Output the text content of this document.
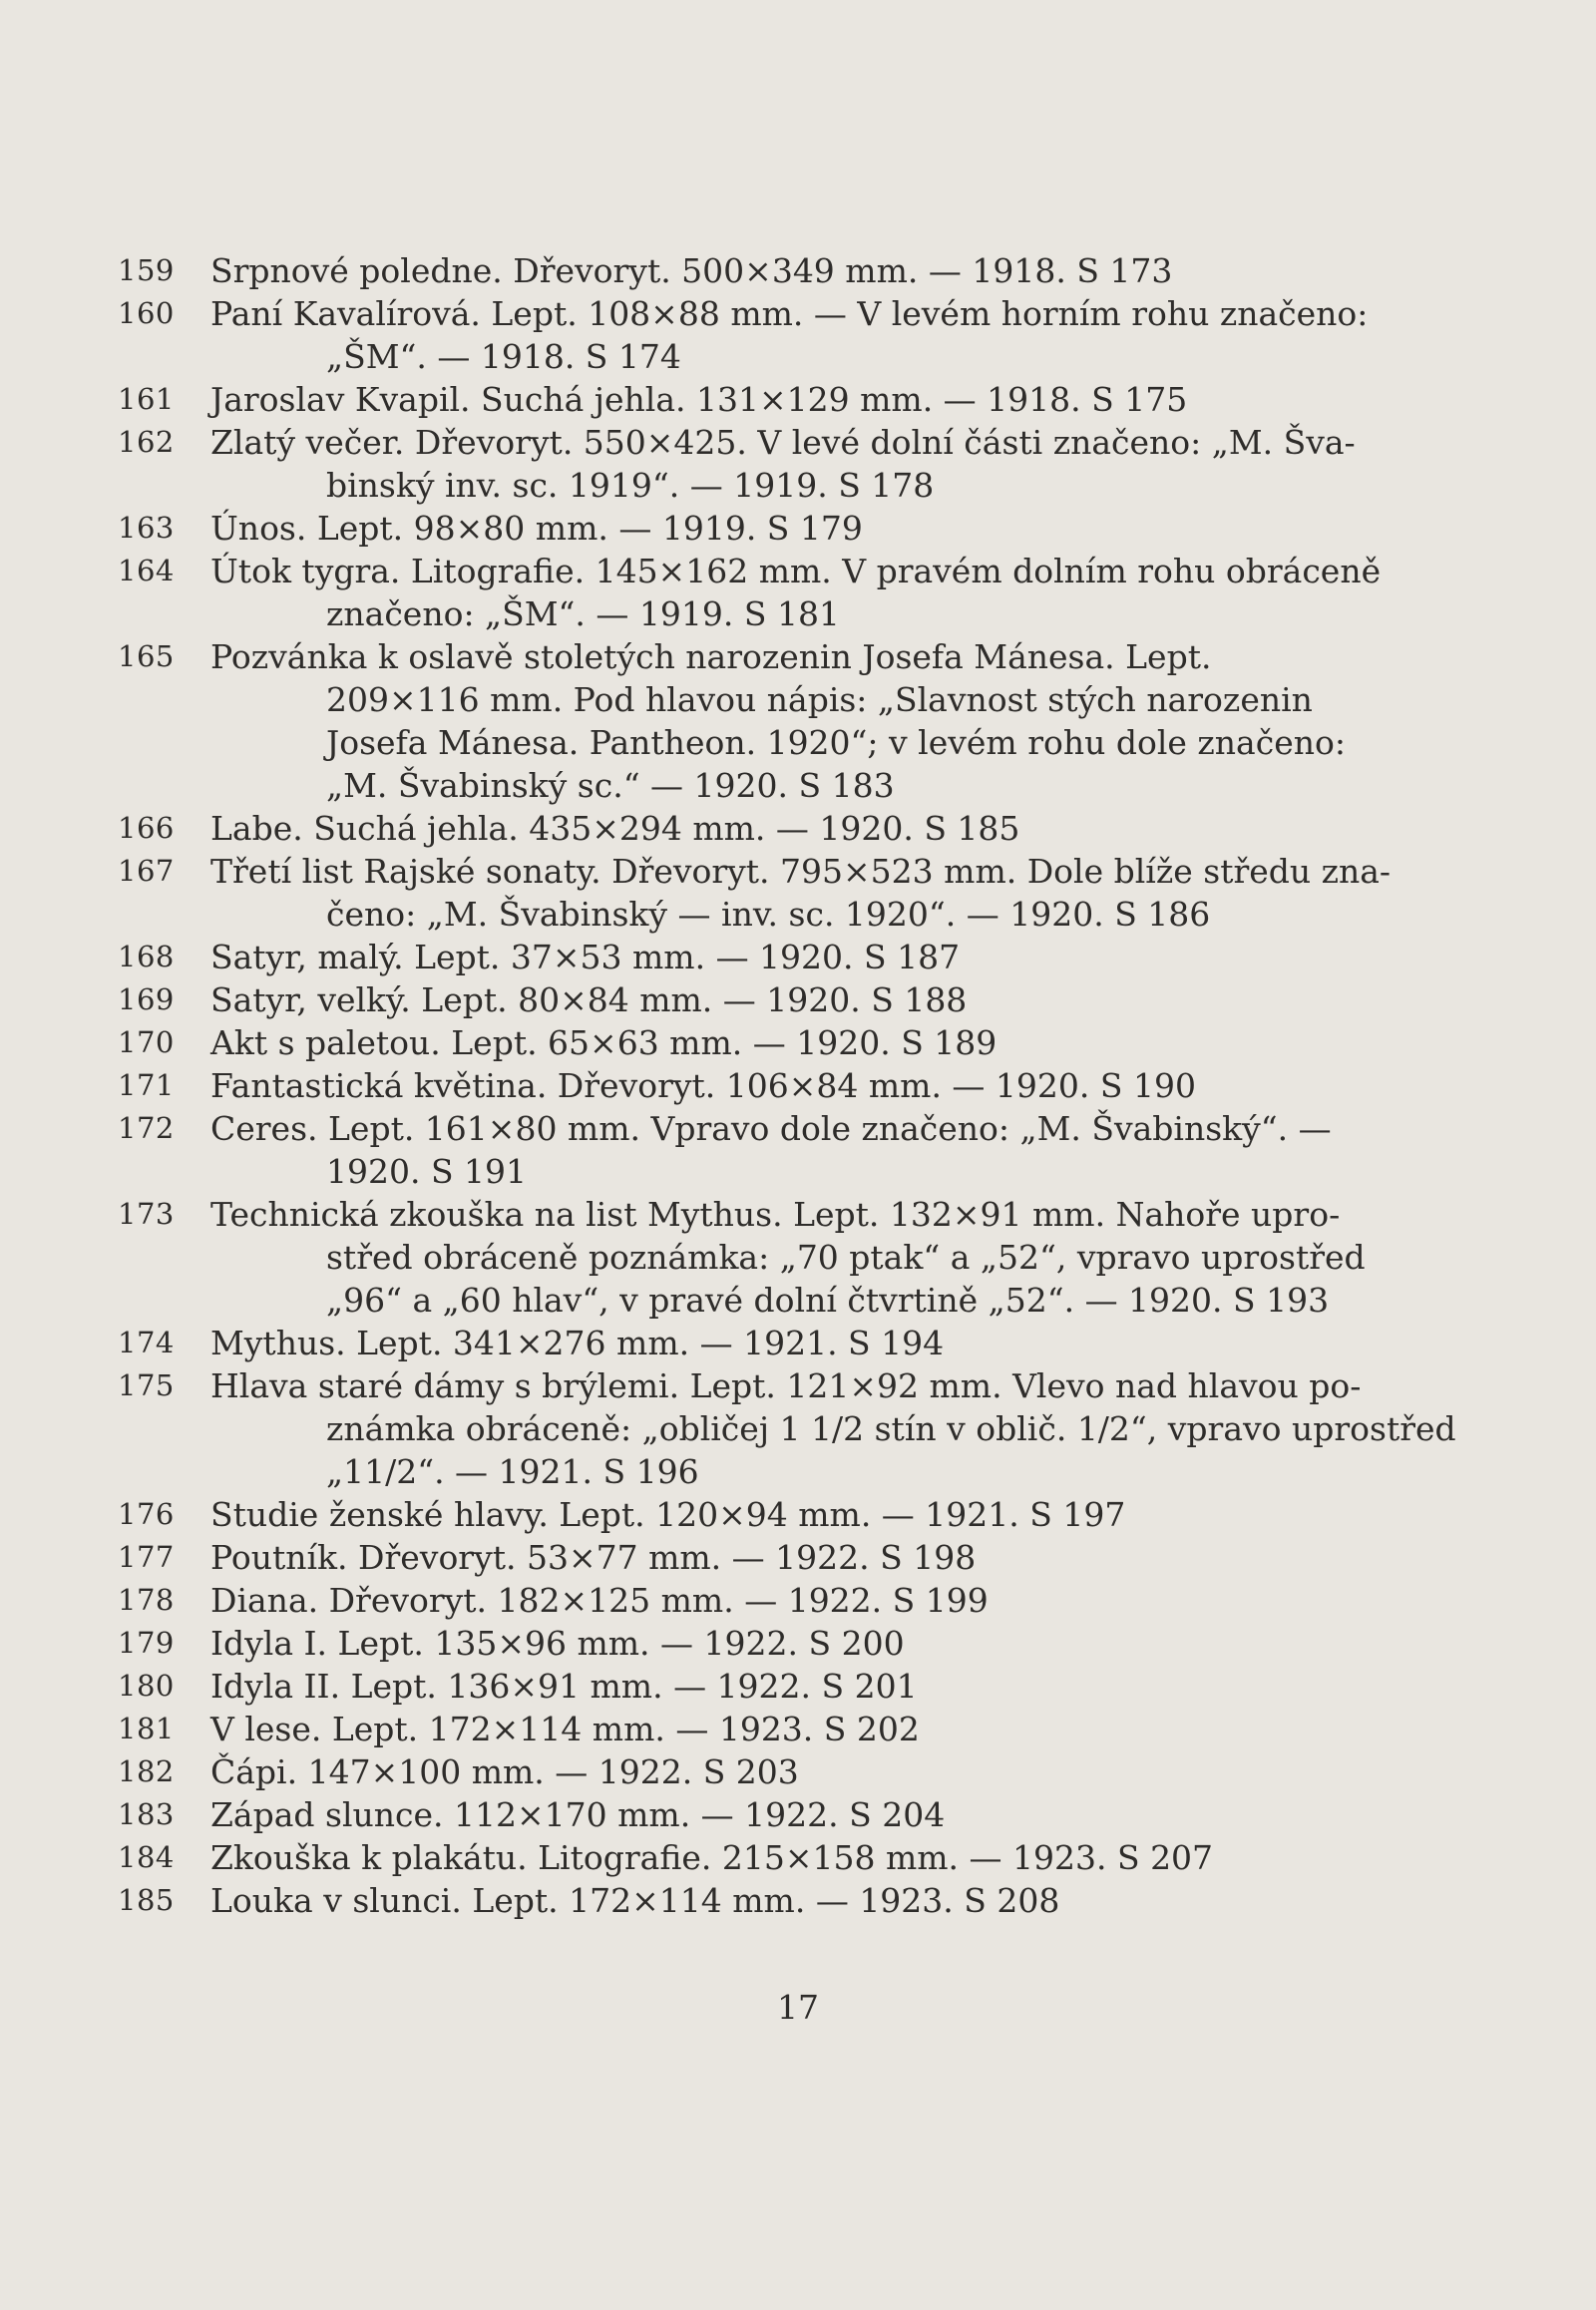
159	Srpnové poledne. Dřevoryt. 500×349 mm. — 1918. S 173
160	Paní Kavalírová. Lept. 108×88 mm. — V levém horním rohu značeno:
„ŠM“. — 1918. S 174
161	Jaroslav Kvapil. Suchá jehla. 131×129 mm. — 1918. S 175
162	Zlatý večer. Dřevoryt. 550×425. V levé dolní části značeno: „M. Šva-
binský inv. sc. 1919“. — 1919. S 178
163	Únos. Lept. 98×80 mm. — 1919. S 179
164	Útok tygra. Litografie. 145×162 mm. V pravém dolním rohu obráceně
značeno: „ŠM“. — 1919. S 181
165	Pozvánka k oslavě stoletých narozenin Josefa Mánesa. Lept.
209×116 mm. Pod hlavou nápis: „Slavnost stých narozenin
Josefa Mánesa. Pantheon. 1920“; v levém rohu dole značeno:
„M. Švabinský sc.“ — 1920. S 183
166	Labe. Suchá jehla. 435×294 mm. — 1920. S 185
167	Třetí list Rajské sonaty. Dřevoryt. 795×523 mm. Dole blíže středu zna-
čeno: „M. Švabinský — inv. sc. 1920“. — 1920. S 186
168	Satyr, malý. Lept. 37×53 mm. — 1920. S 187
169	Satyr, velký. Lept. 80×84 mm. — 1920. S 188
170	Akt s paletou. Lept. 65×63 mm. — 1920. S 189
171	Fantastická květina. Dřevoryt. 106×84 mm. — 1920. S 190
172	Ceres. Lept. 161×80 mm. Vpravo dole značeno: „M. Švabinský“. —
1920. S 191
173	Technická zkouška na list Mythus. Lept. 132×91 mm. Nahoře upro-
střed obráceně poznámka: „70 ptak“ a „52“, vpravo uprostřed
„96“ a „60 hlav“, v pravé dolní čtvrtině „52“. — 1920. S 193
174	Mythus. Lept. 341×276 mm. — 1921. S 194
175	Hlava staré dámy s brýlemi. Lept. 121×92 mm. Vlevo nad hlavou po-
známka obráceně: „obličej 1 1/2 stín v oblič. 1/2“, vpravo uprostřed
„11/2“. — 1921. S 196
176	Studie ženské hlavy. Lept. 120×94 mm. — 1921. S 197
177	Poutník. Dřevoryt. 53×77 mm. — 1922. S 198
178	Diana. Dřevoryt. 182×125 mm. — 1922. S 199
179	Idyla I. Lept. 135×96 mm. — 1922. S 200
180	Idyla II. Lept. 136×91 mm. — 1922. S 201
181	V lese. Lept. 172×114 mm. — 1923. S 202
182	Čápi. 147×100 mm. — 1922. S 203
183	Západ slunce. 112×170 mm. — 1922. S 204
184	Zkouška k plakátu. Litografie. 215×158 mm. — 1923. S 207
185	Louka v slunci. Lept. 172×114 mm. — 1923. S 208
17
